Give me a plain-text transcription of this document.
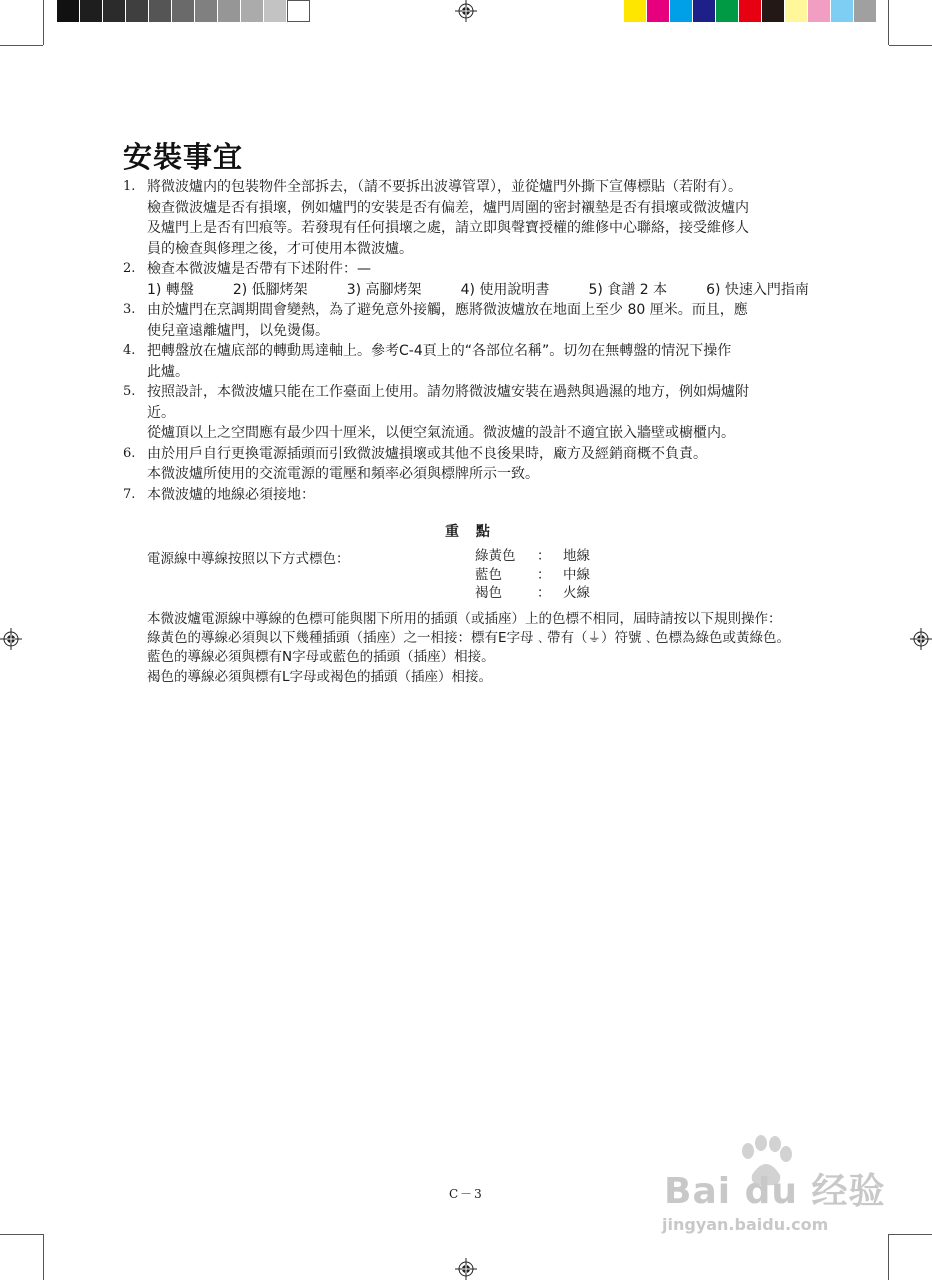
安裝事宜
1. 將微波爐内的包裝物件全部拆去，（請不要拆出波導管罩），並從爐門外撕下宣傳標貼（若附有）。
檢查微波爐是否有損壞，例如爐門的安裝是否有偏差，爐門周圍的密封襯墊是否有損壞或微波爐内
及爐門上是否有凹痕等。若發現有任何損壞之處，請立即與聲寶授權的維修中心聯絡，接受維修人
員的檢查與修理之後，才可使用本微波爐。
2. 檢查本微波爐是否帶有下述附件：—
1) 轉盤	2) 低腳烤架	3) 高腳烤架	4) 使用說明書	5) 食譜 2 本	6) 快速入門指南
3. 由於爐門在烹調期間會變熱，為了避免意外接觸，應將微波爐放在地面上至少 80 厘米。而且，應
使兒童遠離爐門，以免燙傷。
4. 把轉盤放在爐底部的轉動馬達軸上。參考C-4頁上的“各部位名稱”。切勿在無轉盤的情況下操作
此爐。
5. 按照設計，本微波爐只能在工作臺面上使用。請勿將微波爐安裝在過熱與過濕的地方，例如焗爐附
近。
從爐頂以上之空間應有最少四十厘米，以便空氣流通。微波爐的設計不適宜嵌入牆壁或櫥櫃内。
6. 由於用戶自行更換電源插頭而引致微波爐損壞或其他不良後果時，廠方及經銷商概不負責。
本微波爐所使用的交流電源的電壓和頻率必須與標牌所示一致。
7. 本微波爐的地線必須接地：
重 點
電源線中導線按照以下方式標色：	綠黃色	： 地線
藍色	： 中線
褐色	： 火線

本微波爐電源線中導線的色標可能與閣下所用的插頭（或插座）上的色標不相同，屆時請按以下規則操作：

綠黃色的導線必須與以下幾種插頭（插座）之一相接：標有E字母﹑帶有（⏚）符號﹑色標為綠色或黃綠色。

藍色的導線必須與標有N字母或藍色的插頭（插座）相接。

褐色的導線必須與標有L字母或褐色的插頭（插座）相接。

C－3	Bai du 经验
jingyan.baidu.com
